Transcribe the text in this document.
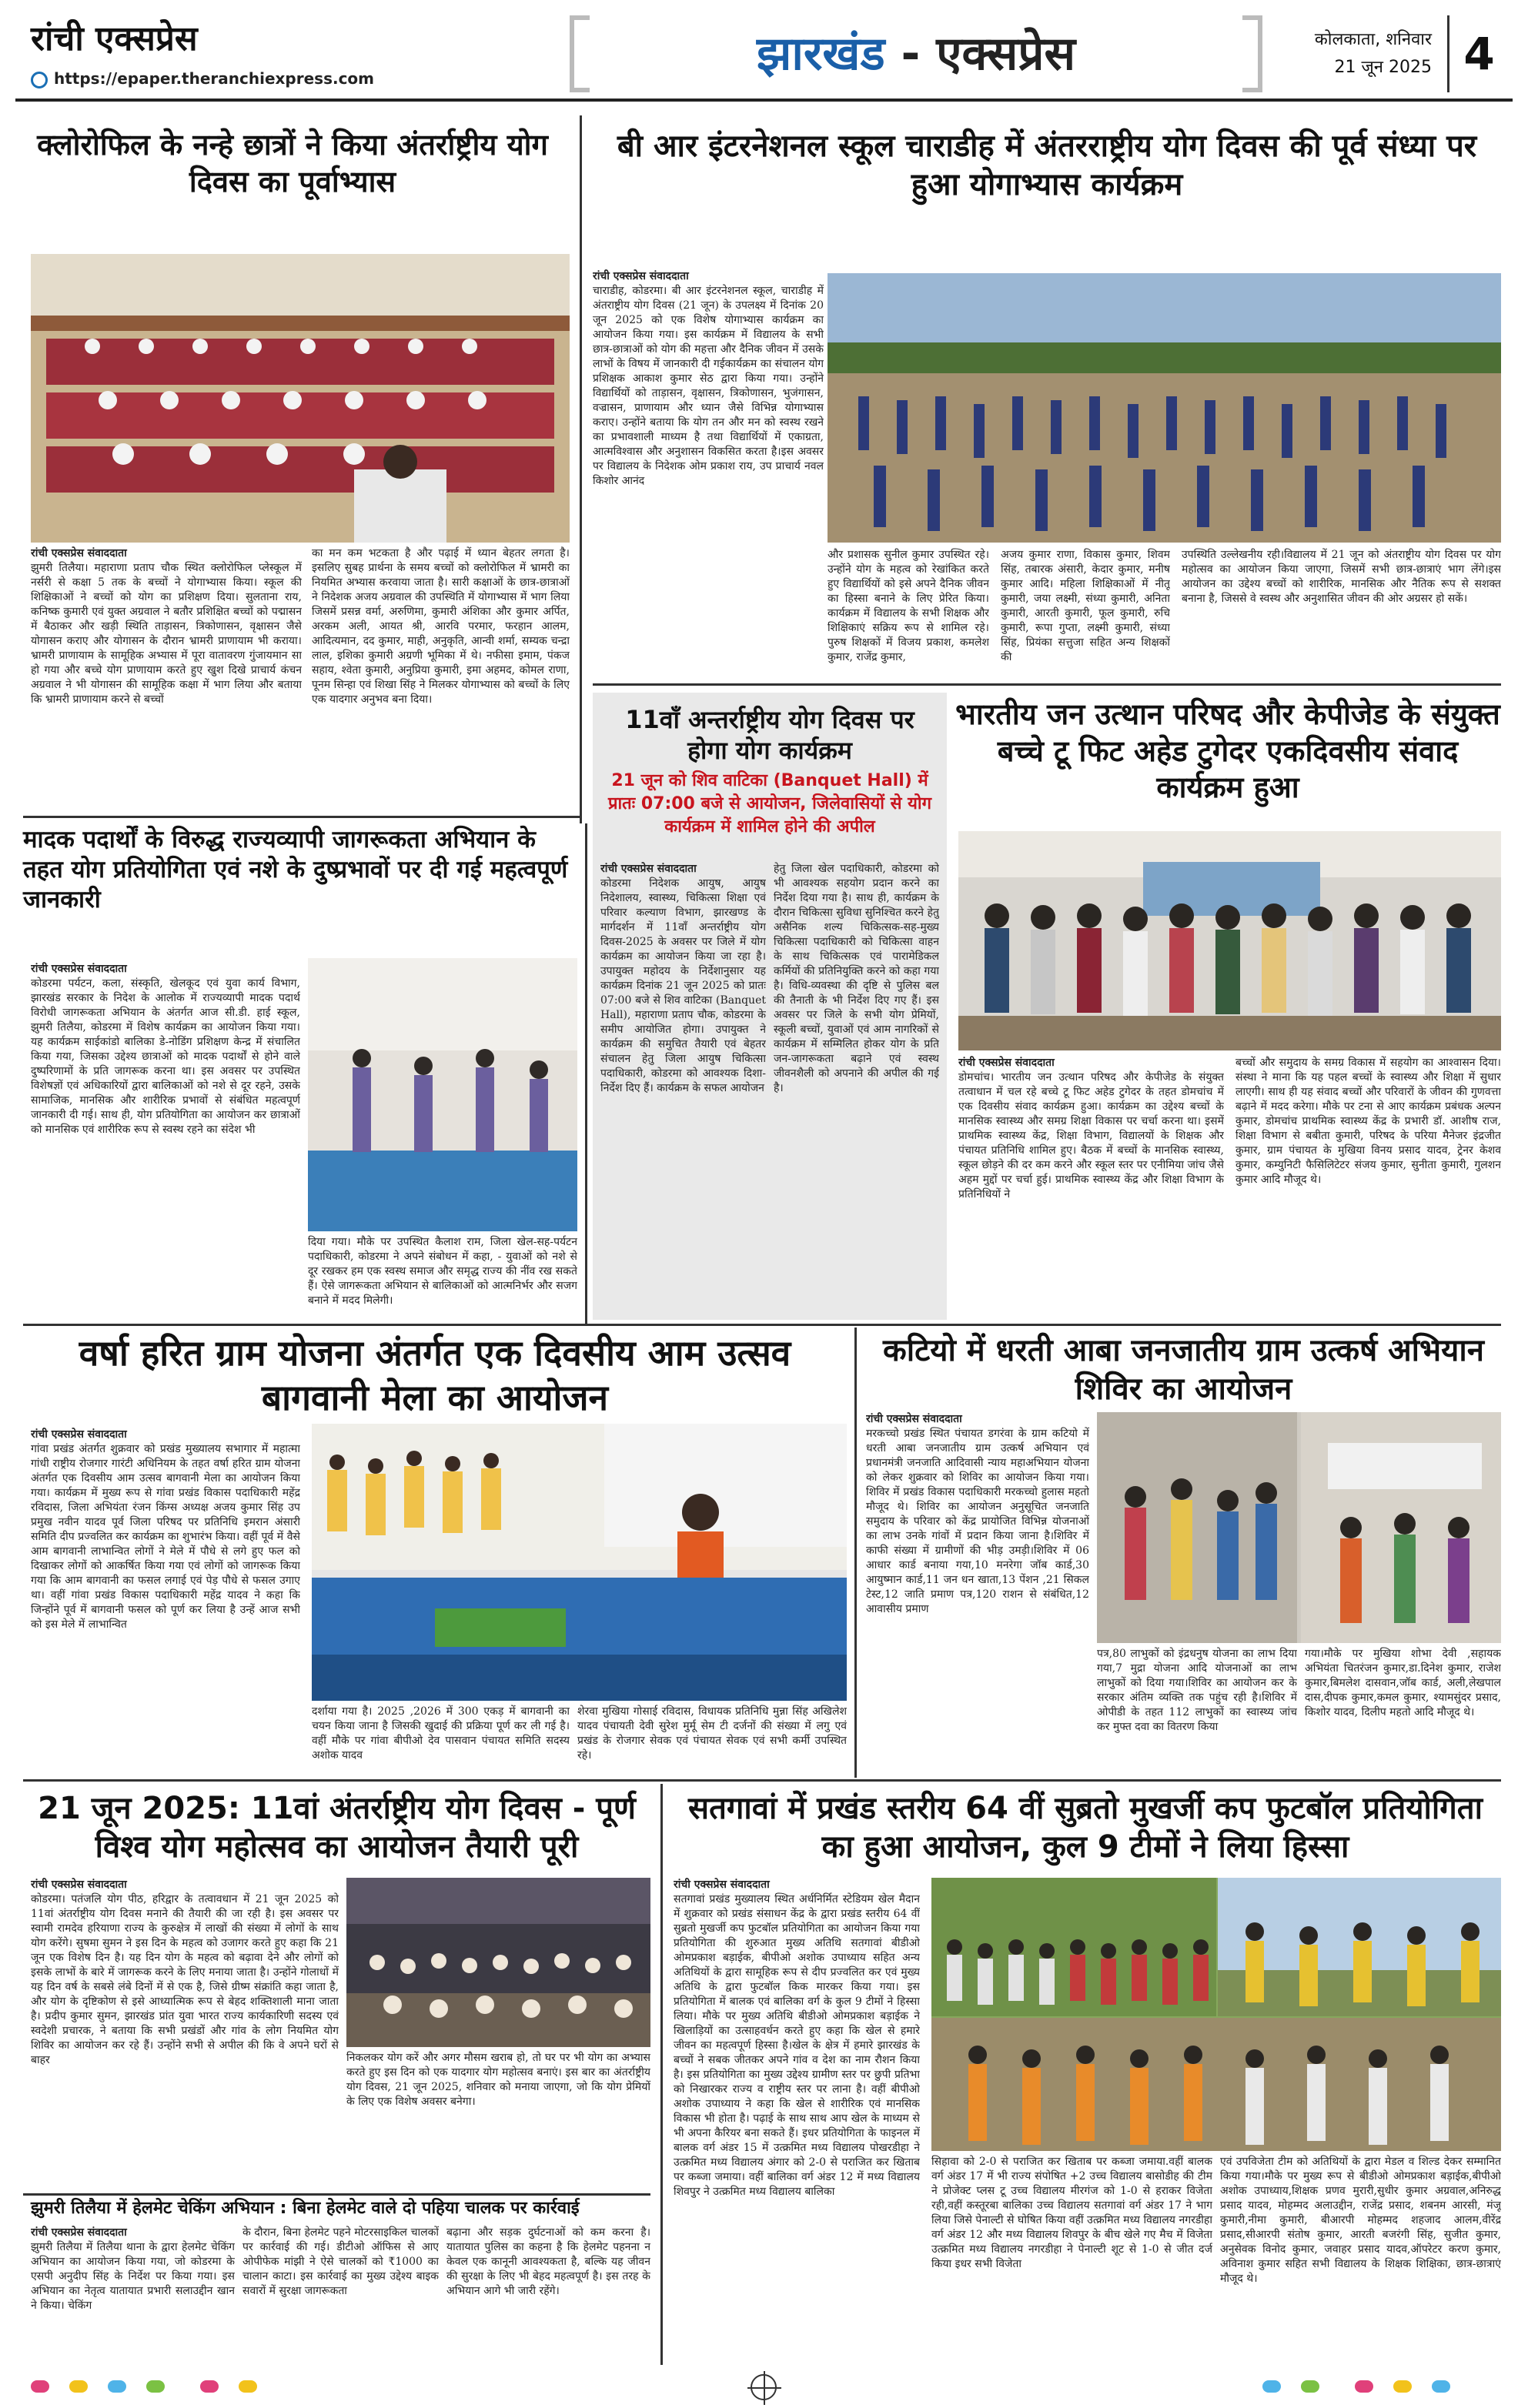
रांची एक्सप्रेस
https://epaper.theranchiexpress.com	झारखंड - एक्सप्रेस	कोलकाता, शनिवार
21 जून 2025 4
क्लोरोफिल के नन्हे छात्रों ने किया अंतर्राष्ट्रीय योग दिवस का पूर्वाभ्यास
रांची एक्सप्रेस संवाददाता
झुमरी तिलैया। महाराणा प्रताप चौक स्थित क्लोरोफिल प्लेस्कूल में नर्सरी से कक्षा 5 तक के बच्चों ने योगाभ्यास किया। स्कूल की शिक्षिकाओं ने बच्चों को योग का प्रशिक्षण दिया। सुलताना राय, कनिष्क कुमारी एवं युक्त अग्रवाल ने बतौर प्रशिक्षित बच्चों को पद्मासन में बैठाकर और खड़ी स्थिति ताड़ासन, त्रिकोणासन, वृक्षासन जैसे योगासन कराए और योगासन के दौरान भ्रामरी प्राणायाम भी कराया। भ्रामरी प्राणायाम के सामूहिक अभ्यास में पूरा वातावरण गुंजायमान सा हो गया और बच्चे योग प्राणायाम करते हुए खुश दिखे प्राचार्य कंचन अग्रवाल ने भी योगासन की सामूहिक कक्षा में भाग लिया और बताया कि भ्रामरी प्राणायाम करने से बच्चों
का मन कम भटकता है और पढ़ाई में ध्यान बेहतर लगता है। इसलिए सुबह प्रार्थना के समय बच्चों को क्लोरोफिल में भ्रामरी का नियमित अभ्यास करवाया जाता है। सारी कक्षाओं के छात्र-छात्राओं ने निदेशक अजय अग्रवाल की उपस्थिति में योगाभ्यास में भाग लिया जिसमें प्रसन्न वर्मा, अरुणिमा, कुमारी अंशिका और कुमार अर्पित, अरकम अली, आयत श्री, आरवि परमार, फरहान आलम, आदित्यमान, दद कुमार, माही, अनुकृति, आन्वी शर्मा, सम्यक चन्द्रा लाल, इशिका कुमारी अग्रणी भूमिका में थे। नफीसा इमाम, पंकज सहाय, श्वेता कुमारी, अनुप्रिया कुमारी, इमा अहमद, कोमल राणा, पूनम सिन्हा एवं शिखा सिंह ने मिलकर योगाभ्यास को बच्चों के लिए एक यादगार अनुभव बना दिया।
बी आर इंटरनेशनल स्कूल चाराडीह में अंतरराष्ट्रीय योग दिवस की पूर्व संध्या पर हुआ योगाभ्यास कार्यक्रम
रांची एक्सप्रेस संवाददाता
चाराडीह, कोडरमा। बी आर इंटरनेशनल स्कूल, चाराडीह में अंतराष्ट्रीय योग दिवस (21 जून) के उपलक्ष्य में दिनांक 20 जून 2025 को एक विशेष योगाभ्यास कार्यक्रम का आयोजन किया गया। इस कार्यक्रम में विद्यालय के सभी छात्र-छात्राओं को योग की महत्ता और दैनिक जीवन में उसके लाभों के विषय में जानकारी दी गईकार्यक्रम का संचालन योग प्रशिक्षक आकाश कुमार सेठ द्वारा किया गया। उन्होंने विद्यार्थियों को ताड़ासन, वृक्षासन, त्रिकोणासन, भुजंगासन, वज्रासन, प्राणायाम और ध्यान जैसे विभिन्न योगाभ्यास कराए। उन्होंने बताया कि योग तन और मन को स्वस्थ रखने का प्रभावशाली माध्यम है तथा विद्यार्थियों में एकाग्रता, आत्मविश्वास और अनुशासन विकसित करता है।इस अवसर पर विद्यालय के निदेशक ओम प्रकाश राय, उप प्राचार्य नवल किशोर आनंद
और प्रशासक सुनील कुमार उपस्थित रहे। उन्होंने योग के महत्व को रेखांकित करते हुए विद्यार्थियों को इसे अपने दैनिक जीवन का हिस्सा बनाने के लिए प्रेरित किया।कार्यक्रम में विद्यालय के सभी शिक्षक और शिक्षिकाएं सक्रिय रूप से शामिल रहे। पुरुष शिक्षकों में विजय प्रकाश, कमलेश कुमार, राजेंद्र कुमार,
अजय कुमार राणा, विकास कुमार, शिवम सिंह, तबारक अंसारी, केदार कुमार, मनीष कुमार आदि। महिला शिक्षिकाओं में नीतू कुमारी, जया लक्ष्मी, संध्या कुमारी, अनिता कुमारी, आरती कुमारी, फूल कुमारी, रुचि कुमारी, रूपा गुप्ता, लक्ष्मी कुमारी, संध्या सिंह, प्रियंका सत्तुजा सहित अन्य शिक्षकों की
उपस्थिति उल्लेखनीय रही।विद्यालय में 21 जून को अंतराष्ट्रीय योग दिवस पर योग महोत्सव का आयोजन किया जाएगा, जिसमें सभी छात्र-छात्राएं भाग लेंगे।इस आयोजन का उद्देश्य बच्चों को शारीरिक, मानसिक और नैतिक रूप से सशक्त बनाना है, जिससे वे स्वस्थ और अनुशासित जीवन की ओर अग्रसर हो सकें।
11वाँ अन्तर्राष्ट्रीय योग दिवस पर होगा योग कार्यक्रम
21 जून को शिव वाटिका (Banquet Hall) में प्रातः 07:00 बजे से आयोजन, जिलेवासियों से योग कार्यक्रम में शामिल होने की अपील
रांची एक्सप्रेस संवाददाता
कोडरमा निदेशक आयुष, आयुष निदेशालय, स्वास्थ्य, चिकित्सा शिक्षा एवं परिवार कल्याण विभाग, झारखण्ड के मार्गदर्शन में 11वाँ अन्तर्राष्ट्रीय योग दिवस-2025 के अवसर पर जिले में योग कार्यक्रम का आयोजन किया जा रहा है। उपायुक्त महोदय के निर्देशानुसार यह कार्यक्रम दिनांक 21 जून 2025 को प्रातः 07:00 बजे से शिव वाटिका (Banquet Hall), महाराणा प्रताप चौक, कोडरमा के समीप आयोजित होगा। उपायुक्त ने कार्यक्रम की समुचित तैयारी एवं बेहतर संचालन हेतु जिला आयुष चिकित्सा पदाधिकारी, कोडरमा को आवश्यक दिशा-निर्देश दिए हैं। कार्यक्रम के सफल आयोजन
हेतु जिला खेल पदाधिकारी, कोडरमा को भी आवश्यक सहयोग प्रदान करने का निर्देश दिया गया है। साथ ही, कार्यक्रम के दौरान चिकित्सा सुविधा सुनिश्चित करने हेतु असैनिक शल्य चिकित्सक-सह-मुख्य चिकित्सा पदाधिकारी को चिकित्सा वाहन के साथ चिकित्सक एवं पारामेडिकल कर्मियों की प्रतिनियुक्ति करने को कहा गया है। विधि-व्यवस्था की दृष्टि से पुलिस बल की तैनाती के भी निर्देश दिए गए हैं। इस अवसर पर जिले के सभी योग प्रेमियों, स्कूली बच्चों, युवाओं एवं आम नागरिकों से कार्यक्रम में सम्मिलित होकर योग के प्रति जन-जागरूकता बढ़ाने एवं स्वस्थ जीवनशैली को अपनाने की अपील की गई है।
भारतीय जन उत्थान परिषद और केपीजेड के संयुक्त बच्चे टू फिट अहेड टुगेदर एकदिवसीय संवाद कार्यक्रम हुआ
रांची एक्सप्रेस संवाददाता
डोमचांच। भारतीय जन उत्थान परिषद और केपीजेड के संयुक्त तत्वाधान में चल रहे बच्चे टू फिट अहेड टुगेदर के तहत डोमचांच में एक दिवसीय संवाद कार्यक्रम हुआ। कार्यक्रम का उद्देश्य बच्चों के मानसिक स्वास्थ्य और समग्र शिक्षा विकास पर चर्चा करना था। इसमें प्राथमिक स्वास्थ्य केंद्र, शिक्षा विभाग, विद्यालयों के शिक्षक और पंचायत प्रतिनिधि शामिल हुए। बैठक में बच्चों के मानसिक स्वास्थ्य, स्कूल छोड़ने की दर कम करने और स्कूल स्तर पर एनीमिया जांच जैसे अहम मुद्दों पर चर्चा हुई। प्राथमिक स्वास्थ्य केंद्र और शिक्षा विभाग के प्रतिनिधियों ने
बच्चों और समुदाय के समग्र विकास में सहयोग का आश्वासन दिया। संस्था ने माना कि यह पहल बच्चों के स्वास्थ्य और शिक्षा में सुधार लाएगी। साथ ही यह संवाद बच्चों और परिवारों के जीवन की गुणवत्ता बढ़ाने में मदद करेगा। मौके पर टना से आए कार्यक्रम प्रबंधक अल्पन कुमार, डोमचांच प्राथमिक स्वास्थ्य केंद्र के प्रभारी डॉ. आशीष राज, शिक्षा विभाग से बबीता कुमारी, परिषद के परिया मैनेजर इंद्रजीत कुमार, ग्राम पंचायत के मुखिया विनय प्रसाद यादव, ट्रेनर केशव कुमार, कम्युनिटी फैसिलिटेटर संजय कुमार, सुनीता कुमारी, गुलशन कुमार आदि मौजूद थे।
मादक पदार्थों के विरुद्ध राज्यव्यापी जागरूकता अभियान के तहत योग प्रतियोगिता एवं नशे के दुष्प्रभावों पर दी गई महत्वपूर्ण जानकारी
रांची एक्सप्रेस संवाददाता
कोडरमा पर्यटन, कला, संस्कृति, खेलकूद एवं युवा कार्य विभाग, झारखंड सरकार के निदेश के आलोक में राज्यव्यापी मादक पदार्थ विरोधी जागरूकता अभियान के अंतर्गत आज सी.डी. हाई स्कूल, झुमरी तिलैया, कोडरमा में विशेष कार्यक्रम का आयोजन किया गया। यह कार्यक्रम साईकांडो बालिका डे-नोडिंग प्रशिक्षण केन्द्र में संचालित किया गया, जिसका उद्देश्य छात्राओं को मादक पदार्थों से होने वाले दुष्परिणामों के प्रति जागरूक करना था। इस अवसर पर उपस्थित विशेषज्ञों एवं अधिकारियों द्वारा बालिकाओं को नशे से दूर रहने, उसके सामाजिक, मानसिक और शारीरिक प्रभावों से संबंधित महत्वपूर्ण जानकारी दी गई। साथ ही, योग प्रतियोगिता का आयोजन कर छात्राओं को मानसिक एवं शारीरिक रूप से स्वस्थ रहने का संदेश भी
दिया गया। मौके पर उपस्थित कैलाश राम, जिला खेल-सह-पर्यटन पदाधिकारी, कोडरमा ने अपने संबोधन में कहा, - युवाओं को नशे से दूर रखकर हम एक स्वस्थ समाज और समृद्ध राज्य की नींव रख सकते हैं। ऐसे जागरूकता अभियान से बालिकाओं को आत्मनिर्भर और सजग बनाने में मदद मिलेगी।
वर्षा हरित ग्राम योजना अंतर्गत एक दिवसीय आम उत्सव बागवानी मेला का आयोजन
रांची एक्सप्रेस संवाददाता
गांवा प्रखंड अंतर्गत शुक्रवार को प्रखंड मुख्यालय सभागार में महात्मा गांधी राष्ट्रीय रोजगार गारंटी अधिनियम के तहत वर्षा हरित ग्राम योजना अंतर्गत एक दिवसीय आम उत्सव बागवानी मेला का आयोजन किया गया। कार्यक्रम में मुख्य रूप से गांवा प्रखंड विकास पदाधिकारी महेंद्र रविदास, जिला अभियंता रंजन किंग्स अध्यक्ष अजय कुमार सिंह उप प्रमुख नवीन यादव पूर्व जिला परिषद पर प्रतिनिधि इमरान अंसारी समिति दीप प्रज्वलित कर कार्यक्रम का शुभारंभ किया। वहीं पूर्व में वैसे आम बागवानी लाभान्वित लोगों ने मेले में पौधे से लगे हुए फल को दिखाकर लोगों को आकर्षित किया गया एवं लोगों को जागरूक किया गया कि आम बागवानी का फसल लगाई एवं पेड़ पौधे से फसल उगाए था। वहीं गांवा प्रखंड विकास पदाधिकारी महेंद्र यादव ने कहा कि जिन्होंने पूर्व में बागवानी फसल को पूर्ण कर लिया है उन्हें आज सभी को इस मेले में लाभान्वित
दर्शाया गया है। 2025 ,2026 में 300 एकड़ में बागवानी का चयन किया जाना है जिसकी खुदाई की प्रक्रिया पूर्ण कर ली गई है। वहीं मौके पर गांवा बीपीओ देव पासवान पंचायत समिति सदस्य अशोक यादव
शेरवा मुखिया गोसाई रविदास, विधायक प्रतिनिधि मुन्ना सिंह अखिलेश यादव पंचायती देवी सुरेश मुर्मू सेम टी दर्जनों की संख्या में लगु एवं प्रखंड के रोजगार सेवक एवं पंचायत सेवक एवं सभी कर्मी उपस्थित रहे।
कटियो में धरती आबा जनजातीय ग्राम उत्कर्ष अभियान शिविर का आयोजन
रांची एक्सप्रेस संवाददाता
मरकच्चो प्रखंड स्थित पंचायत डगरंवा के ग्राम कटियो में धरती आबा जनजातीय ग्राम उत्कर्ष अभियान एवं प्रधानमंत्री जनजाति आदिवासी न्याय महाअभियान योजना को लेकर शुक्रवार को शिविर का आयोजन किया गया। शिविर में प्रखंड विकास पदाधिकारी मरकच्चो हुलास महतो मौजूद थे। शिविर का आयोजन अनुसूचित जनजाति समुदाय के परिवार को केंद्र प्रायोजित विभिन्न योजनाओं का लाभ उनके गांवों में प्रदान किया जाना है।शिविर में काफी संख्या में ग्रामीणों की भीड़ उमड़ी।शिविर में 06 आधार कार्ड बनाया गया,10 मनरेगा जॉब कार्ड,30 आयुष्मान कार्ड,11 जन धन खाता,13 पेंशन ,21 सिकल टेस्ट,12 जाति प्रमाण पत्र,120 राशन से संबंधित,12 आवासीय प्रमाण
पत्र,80 लाभुकों को इंद्रधनुष योजना का लाभ दिया गया,7 मुद्रा योजना आदि योजनाओं का लाभ लाभुकों को दिया गया।शिविर का आयोजन कर के सरकार अंतिम व्यक्ति तक पहुंच रही है।शिविर में ओपीडी के तहत 112 लाभुकों का स्वास्थ्य जांच कर मुफ्त दवा का वितरण किया
गया।मौके पर मुखिया शोभा देवी ,सहायक अभियंता चितरंजन कुमार,डा.दिनेश कुमार, राजेश कुमार,बिमलेश दासवान,जॉब कार्ड, अली,लेखपाल दास,दीपक कुमार,कमल कुमार, श्यामसुंदर प्रसाद, किशोर यादव, दिलीप महतो आदि मौजूद थे।
21 जून 2025: 11वां अंतर्राष्ट्रीय योग दिवस - पूर्ण विश्व योग महोत्सव का आयोजन तैयारी पूरी
रांची एक्सप्रेस संवाददाता
कोडरमा। पतंजलि योग पीठ, हरिद्वार के तत्वावधान में 21 जून 2025 को 11वां अंतर्राष्ट्रीय योग दिवस मनाने की तैयारी की जा रही है। इस अवसर पर स्वामी रामदेव हरियाणा राज्य के कुरुक्षेत्र में लाखों की संख्या में लोगों के साथ योग करेंगे। सुषमा सुमन ने इस दिन के महत्व को उजागर करते हुए कहा कि 21 जून एक विशेष दिन है। यह दिन योग के महत्व को बढ़ावा देने और लोगों को इसके लाभों के बारे में जागरूक करने के लिए मनाया जाता है। उन्होंने गोलाधों में यह दिन वर्ष के सबसे लंबे दिनों में से एक है, जिसे ग्रीष्म संक्रांति कहा जाता है, और योग के दृष्टिकोण से इसे आध्यात्मिक रूप से बेहद शक्तिशाली माना जाता है। प्रदीप कुमार सुमन, झारखंड प्रांत युवा भारत राज्य कार्यकारिणी सदस्य एवं स्वदेशी प्रचारक, ने बताया कि सभी प्रखंडों और गांव के लोग नियमित योग शिविर का आयोजन कर रहे हैं। उन्होंने सभी से अपील की कि वे अपने घरों से बाहर	निकलकर योग करें और अगर मौसम खराब हो, तो घर पर भी योग का अभ्यास करते हुए इस दिन को एक यादगार योग महोत्सव बनाएं। इस बार का अंतर्राष्ट्रीय योग दिवस, 21 जून 2025, शनिवार को मनाया जाएगा, जो कि योग प्रेमियों के लिए एक विशेष अवसर बनेगा।
झुमरी तिलैया में हेलमेट चेकिंग अभियान : बिना हेलमेट वाले दो पहिया चालक पर कार्रवाई
रांची एक्सप्रेस संवाददाता
झुमरी तिलैया में तिलैया थाना के द्वारा हेलमेट चेकिंग अभियान का आयोजन किया गया, जो कोडरमा के एसपी अनुदीप सिंह के निर्देश पर किया गया। इस अभियान का नेतृत्व यातायात प्रभारी सलाउद्दीन खान ने किया। चेकिंग
के दौरान, बिना हेलमेट पहने मोटरसाइकिल चालकों पर कार्रवाई की गई। डीटीओ ऑफिस से आए ओपीफेक मांझी ने ऐसे चालकों को ₹1000 का चालान काटा। इस कार्रवाई का मुख्य उद्देश्य बाइक सवारों में सुरक्षा जागरूकता
बढ़ाना और सड़क दुर्घटनाओं को कम करना है। यातायात पुलिस का कहना है कि हेलमेट पहनना न केवल एक कानूनी आवश्यकता है, बल्कि यह जीवन की सुरक्षा के लिए भी बेहद महत्वपूर्ण है। इस तरह के अभियान आगे भी जारी रहेंगे।
सतगावां में प्रखंड स्तरीय 64 वीं सुब्रतो मुखर्जी कप फुटबॉल प्रतियोगिता का हुआ आयोजन, कुल 9 टीमों ने लिया हिस्सा
रांची एक्सप्रेस संवाददाता
सतगावां प्रखंड मुख्यालय स्थित अर्धनिर्मित स्टेडियम खेल मैदान में शुक्रवार को प्रखंड संसाधन केंद्र के द्वारा प्रखंड स्तरीय 64 वीं सुब्रतो मुखर्जी कप फुटबॉल प्रतियोगिता का आयोजन किया गया प्रतियोगिता की शुरुआत मुख्य अतिथि सतगावां बीडीओ ओमप्रकाश बड़ाईक, बीपीओ अशोक उपाध्याय सहित अन्य अतिथियों के द्वारा सामूहिक रूप से दीप प्रज्वलित कर एवं मुख्य अतिथि के द्वारा फुटबॉल किक मारकर किया गया। इस प्रतियोगिता में बालक एवं बालिका वर्ग के कुल 9 टीमों ने हिस्सा लिया। मौके पर मुख्य अतिथि बीडीओ ओमप्रकाश बड़ाईक ने खिलाड़ियों का उत्साहवर्धन करते हुए कहा कि खेल से हमारे जीवन का महत्वपूर्ण हिस्सा है।खेल के क्षेत्र में हमारे झारखंड के बच्चों ने सबक जीतकर अपने गांव व देश का नाम रौशन किया है। इस प्रतियोगिता का मुख्य उद्देश्य ग्रामीण स्तर पर छुपी प्रतिभा को निखारकर राज्य व राष्ट्रीय स्तर पर लाना है। वहीं बीपीओ अशोक उपाध्याय ने कहा कि खेल से शारीरिक एवं मानसिक विकास भी होता है। पढ़ाई के साथ साथ आप खेल के माध्यम से भी अपना कैरियर बना सकते हैं। इधर प्रतियोगिता के फाइनल में बालक वर्ग अंडर 15 में उत्क्रमित मध्य विद्यालय पोखरडीहा ने उत्क्रमित मध्य विद्यालय अंगार को 2-0 से पराजित कर खिताब पर कब्जा जमाया। वहीं बालिका वर्ग अंडर 12 में मध्य विद्यालय शिवपुर ने उत्क्रमित मध्य विद्यालय बालिका
सिहावा को 2-0 से पराजित कर खिताब पर कब्जा जमाया.वहीं बालक वर्ग अंडर 17 में भी राज्य संपोषित +2 उच्च विद्यालय बासोडीह की टीम ने प्रोजेक्ट प्लस टू उच्च विद्यालय मीरगंज को 1-0 से हराकर विजेता रही,वहीं कस्तूरबा बालिका उच्च विद्यालय सतगावां वर्ग अंडर 17 ने भाग लिया जिसे पेनाल्टी से घोषित किया वहीं उत्क्रमित मध्य विद्यालय नगरडीहा वर्ग अंडर 12 और मध्य विद्यालय शिवपुर के बीच खेले गए मैच में विजेता उत्क्रमित मध्य विद्यालय नगरडीहा ने पेनाल्टी शूट से 1-0 से जीत दर्ज किया इधर सभी विजेता
एवं उपविजेता टीम को अतिथियों के द्वारा मेडल व शिल्ड देकर सम्मानित किया गया।मौके पर मुख्य रूप से बीडीओ ओमप्रकाश बड़ाईक,बीपीओ अशोक उपाध्याय,शिक्षक प्रणव मुरारी,सुधीर कुमार अग्रवाल,अनिरुद्ध प्रसाद यादव, मोहम्मद अलाउद्दीन, राजेंद्र प्रसाद, शबनम आरसी, मंजू कुमारी,नीमा कुमारी, बीआरपी मोहम्मद शहजाद आलम,वीरेंद्र प्रसाद,सीआरपी संतोष कुमार, आरती बजरंगी सिंह, सुजीत कुमार, अनुसेवक विनोद कुमार, जवाहर प्रसाद यादव,ऑपरेटर करण कुमार, अविनाश कुमार सहित सभी विद्यालय के शिक्षक शिक्षिका, छात्र-छात्राएं मौजूद थे।
